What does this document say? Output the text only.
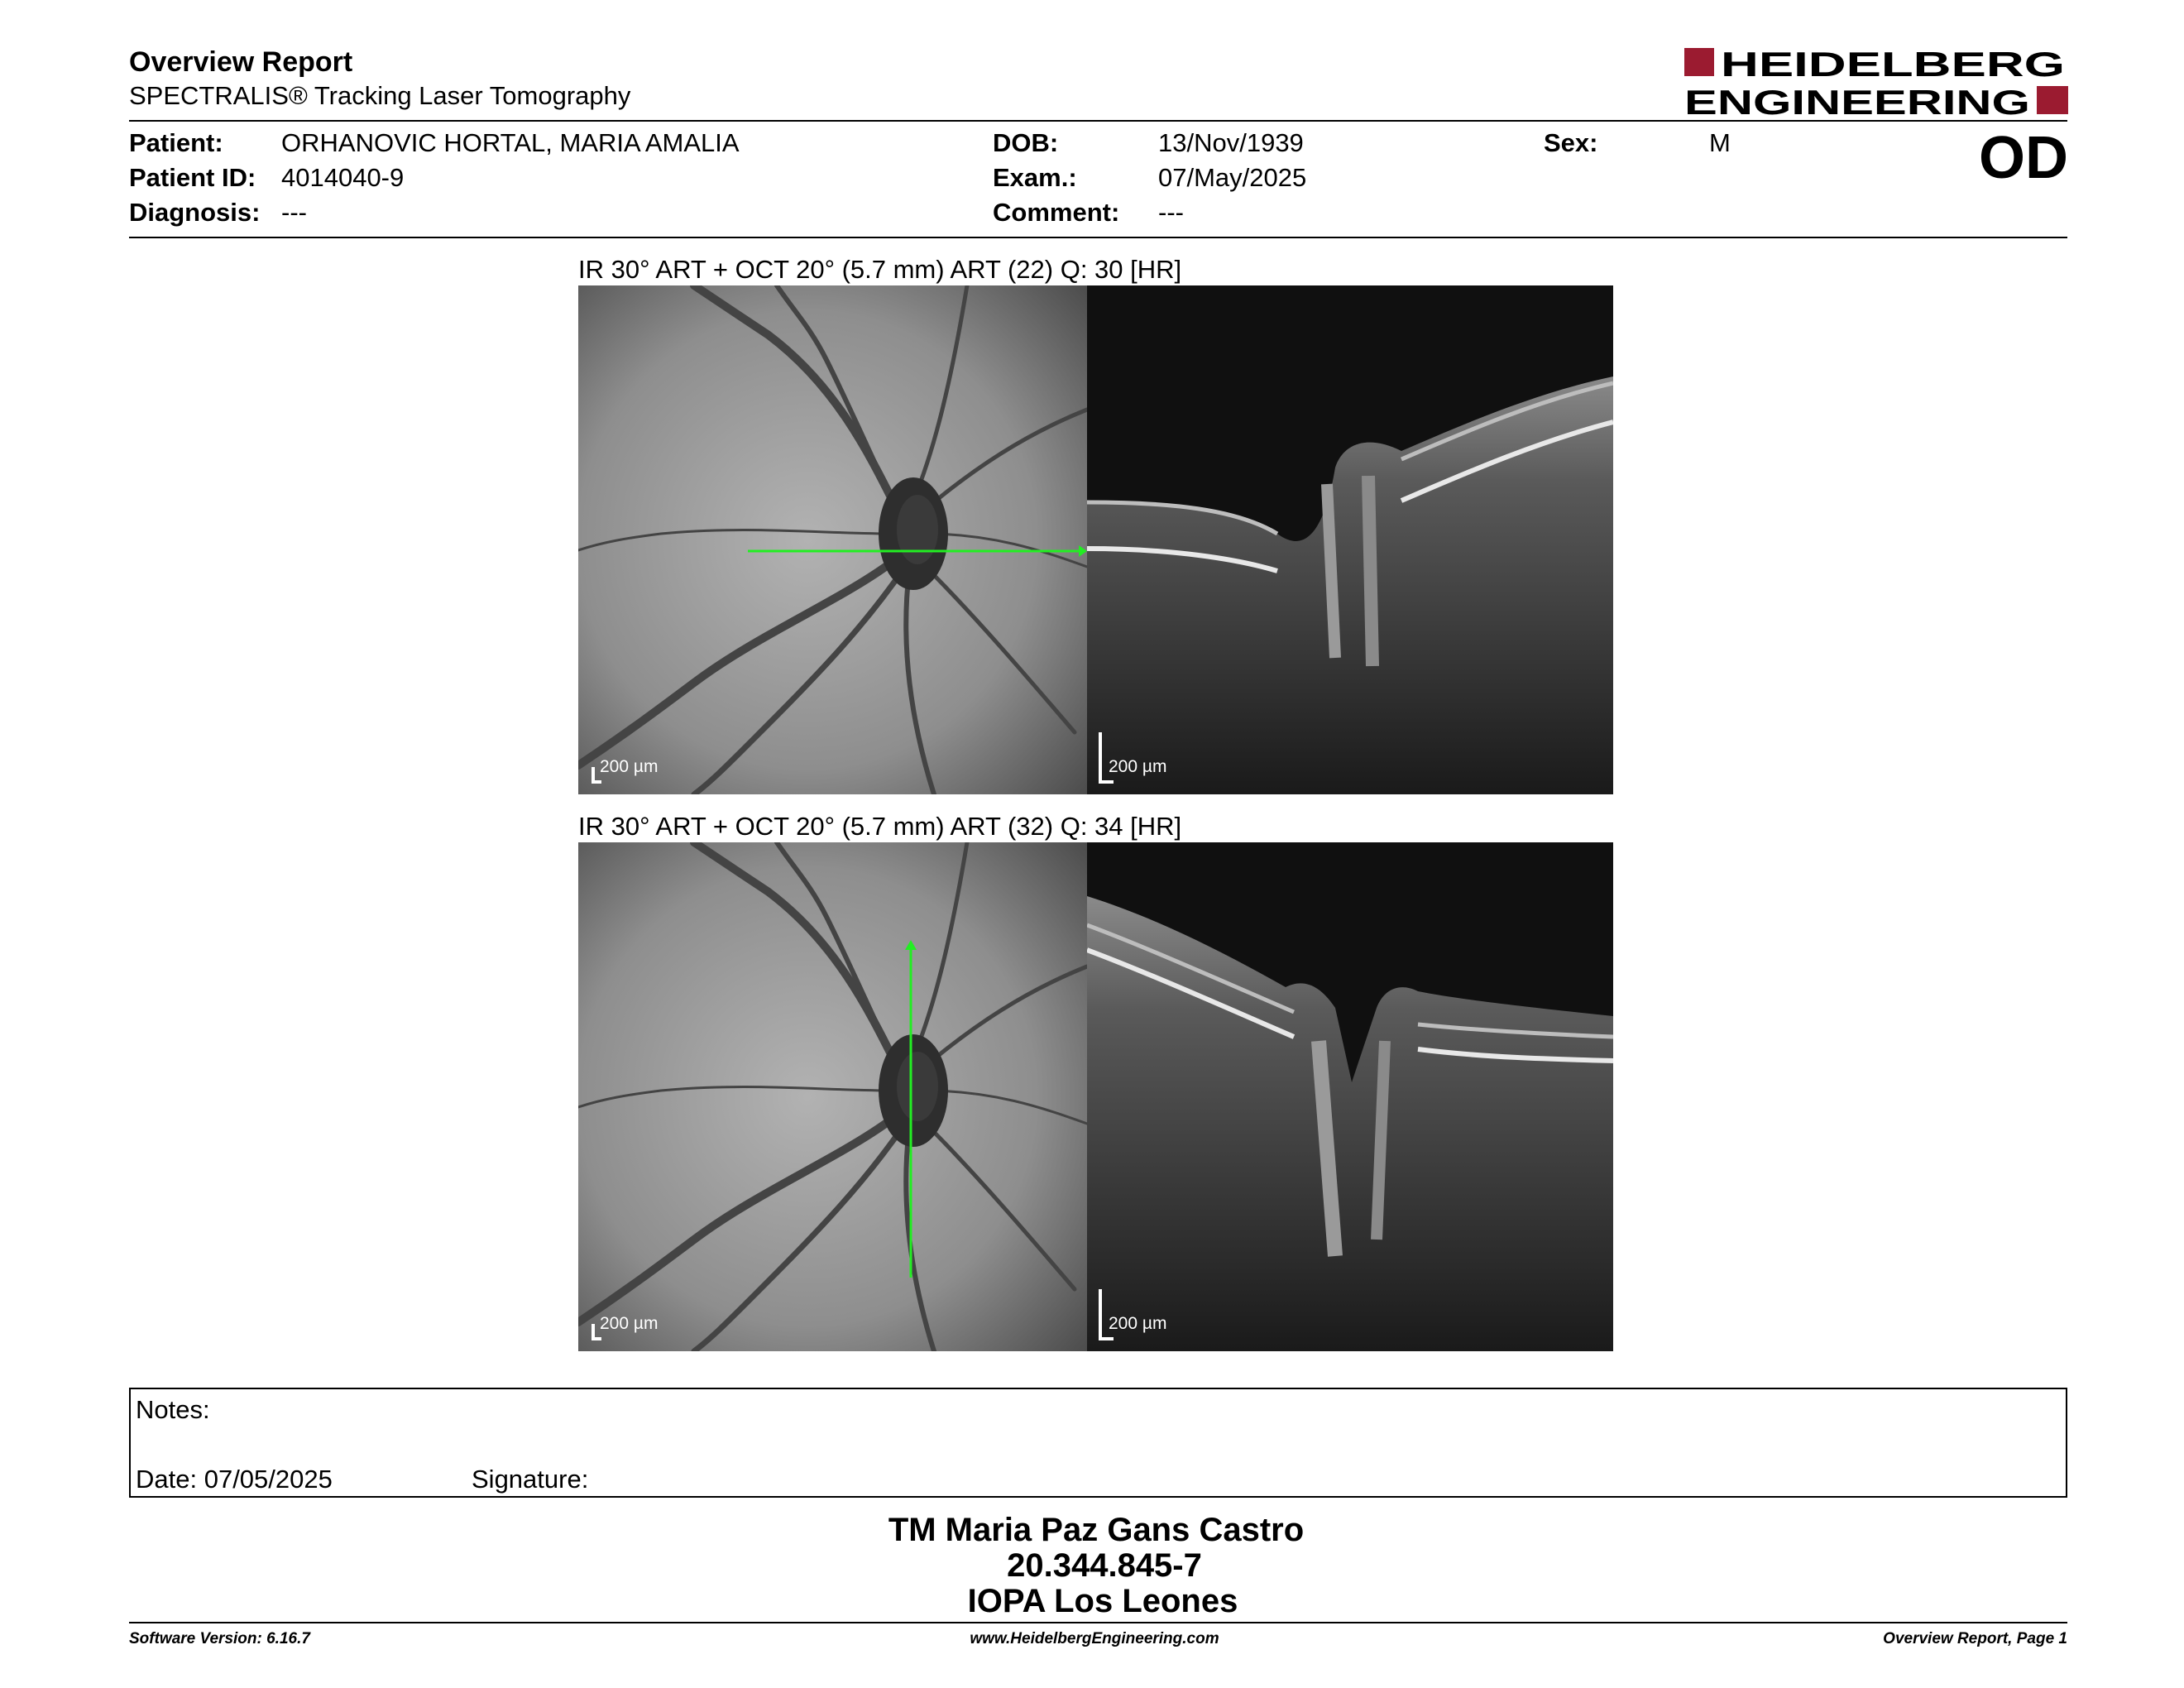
Overview Report
SPECTRALIS® Tracking Laser Tomography
HEIDELBERG
ENGINEERING
Patient: ORHANOVIC HORTAL, MARIA AMALIA
Patient ID: 4014040-9
Diagnosis: ---
DOB:	13/Nov/1939
Exam.:	07/May/2025
Comment: ---
Sex:	M	OD
IR 30° ART + OCT 20° (5.7 mm) ART (22) Q: 30 [HR]
200 µm	200 µm
IR 30° ART + OCT 20° (5.7 mm) ART (32) Q: 34 [HR]
200 µm	200 µm
Notes:
Date: 07/05/2025	Signature:
TM Maria Paz Gans Castro
20.344.845-7
IOPA Los Leones
Software Version: 6.16.7	www.HeidelbergEngineering.com	Overview Report, Page 1
